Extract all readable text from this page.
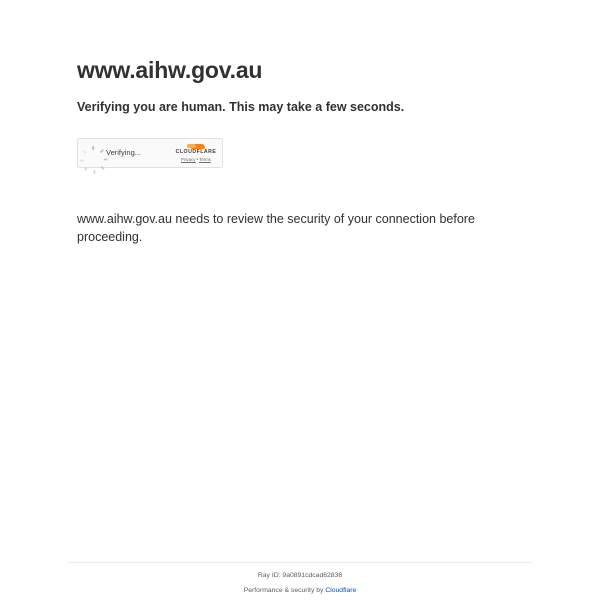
www.aihw.gov.au

Verifying you are human. This may take a few seconds.

Verifying...	CLOUDFLARE
Privacy•Terms

www.aihw.gov.au needs to review the security of your connection before proceeding.

Ray ID: 9a0891cdcad62836
Performance & security by Cloudflare
